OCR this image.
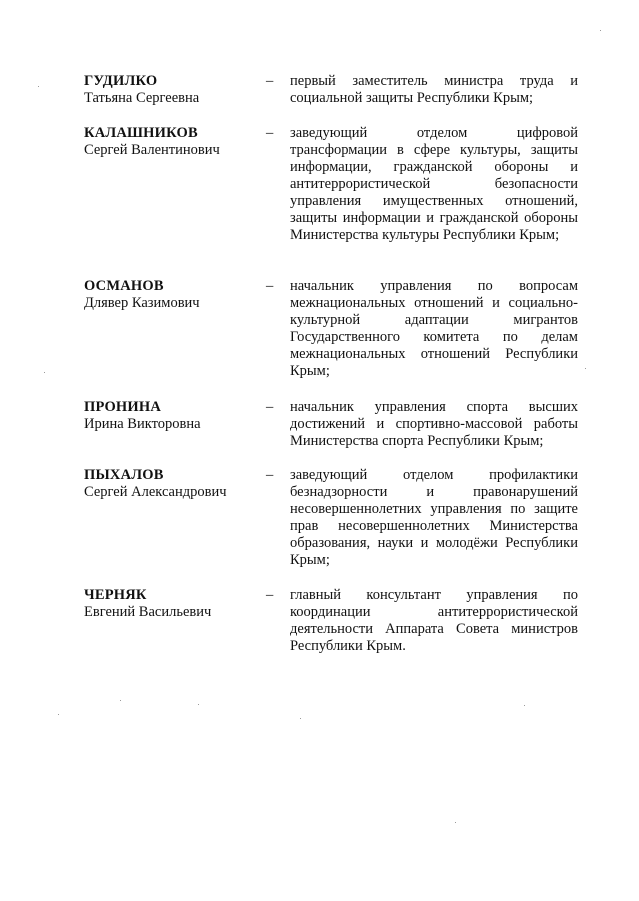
ГУДИЛКО
Татьяна Сергеевна
– первый заместитель министра труда и социальной защиты Республики Крым;

КАЛАШНИКОВ
Сергей Валентинович
– заведующий отделом цифровой трансформации в сфере культуры, защиты информации, гражданской обороны и антитеррористической безопасности управления имущественных отношений, защиты информации и гражданской обороны Министерства культуры Республики Крым;

ОСМАНОВ
Длявер Казимович
– начальник управления по вопросам межнациональных отношений и социально-культурной адаптации мигрантов Государственного комитета по делам межнациональных отношений Республики Крым;

ПРОНИНА
Ирина Викторовна
– начальник управления спорта высших достижений и спортивно-массовой работы Министерства спорта Республики Крым;

ПЫХАЛОВ
Сергей Александрович
– заведующий отделом профилактики безнадзорности и правонарушений несовершеннолетних управления по защите прав несовершеннолетних Министерства образования, науки и молодёжи Республики Крым;

ЧЕРНЯК
Евгений Васильевич
– главный консультант управления по координации антитеррористической деятельности Аппарата Совета министров Республики Крым.
